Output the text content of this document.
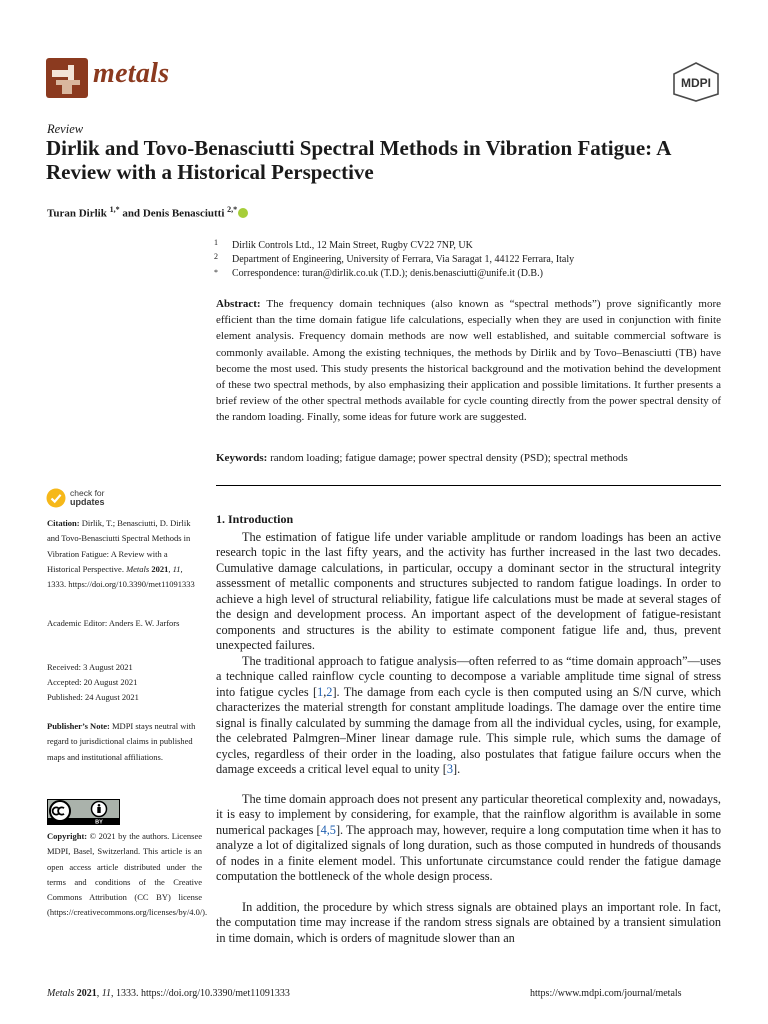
metals	MDPI
Review
Dirlik and Tovo-Benasciutti Spectral Methods in Vibration Fatigue: A Review with a Historical Perspective
Turan Dirlik $^{1,*}$ and Denis Benasciutti $^{2,*}$
1 Dirlik Controls Ltd., 12 Main Street, Rugby CV22 7NP, UK
2 Department of Engineering, University of Ferrara, Via Saragat 1, 44122 Ferrara, Italy
* Correspondence: turan@dirlik.co.uk (T.D.); denis.benasciutti@unife.it (D.B.)
Abstract: The frequency domain techniques (also known as “spectral methods”) prove significantly more efficient than the time domain fatigue life calculations, especially when they are used in conjunction with finite element analysis. Frequency domain methods are now well established, and suitable commercial software is commonly available. Among the existing techniques, the methods by Dirlik and by Tovo–Benasciutti (TB) have become the most used. This study presents the historical background and the motivation behind the development of these two spectral methods, by also emphasizing their application and possible limitations. It further presents a brief review of the other spectral methods available for cycle counting directly from the power spectral density of the random loading. Finally, some ideas for future work are suggested.
Keywords: random loading; fatigue damage; power spectral density (PSD); spectral methods
check for
updates
Citation: Dirlik, T.; Benasciutti, D. Dirlik and Tovo-Benasciutti Spectral Methods in Vibration Fatigue: A Review with a Historical Perspective. Metals 2021, 11, 1333. https://doi.org/10.3390/met11091333
Academic Editor: Anders E. W. Jarfors
Received: 3 August 2021
Accepted: 20 August 2021
Published: 24 August 2021
Publisher’s Note: MDPI stays neutral with regard to jurisdictional claims in published maps and institutional affiliations.
BY
Copyright: © 2021 by the authors. Licensee MDPI, Basel, Switzerland. This article is an open access article distributed under the terms and conditions of the Creative Commons Attribution (CC BY) license (https://creativecommons.org/licenses/by/4.0/).
1. Introduction
The estimation of fatigue life under variable amplitude or random loadings has been an active research topic in the last fifty years, and the activity has further increased in the last two decades. Cumulative damage calculations, in particular, occupy a dominant sector in the structural integrity assessment of metallic components and structures subjected to random fatigue loadings. In order to achieve a high level of structural reliability, fatigue life calculations must be made at several stages of the design and development process. An important aspect of the development of fatigue-resistant components and structures is the ability to estimate component fatigue life and, thus, prevent unexpected failures.
The traditional approach to fatigue analysis—often referred to as “time domain approach”—uses a technique called rainflow cycle counting to decompose a variable amplitude time signal of stress into fatigue cycles [1,2]. The damage from each cycle is then computed using an S/N curve, which characterizes the material strength for constant amplitude loadings. The damage over the entire time signal is finally calculated by summing the damage from all the individual cycles, using, for example, the celebrated Palmgren–Miner linear damage rule. This simple rule, which sums the damage of cycles, regardless of their order in the loading, also postulates that fatigue failure occurs when the damage exceeds a critical level equal to unity [3].
The time domain approach does not present any particular theoretical complexity and, nowadays, it is easy to implement by considering, for example, that the rainflow algorithm is available in some numerical packages [4,5]. The approach may, however, require a long computation time when it has to analyze a lot of digitalized signals of long duration, such as those computed in hundreds of thousands of nodes in a finite element model. This unfortunate circumstance could render the fatigue damage computation the bottleneck of the whole design process.
In addition, the procedure by which stress signals are obtained plays an important role. In fact, the computation time may increase if the random stress signals are obtained by a transient simulation in time domain, which is orders of magnitude slower than an
Metals 2021, 11, 1333. https://doi.org/10.3390/met11091333	https://www.mdpi.com/journal/metals
